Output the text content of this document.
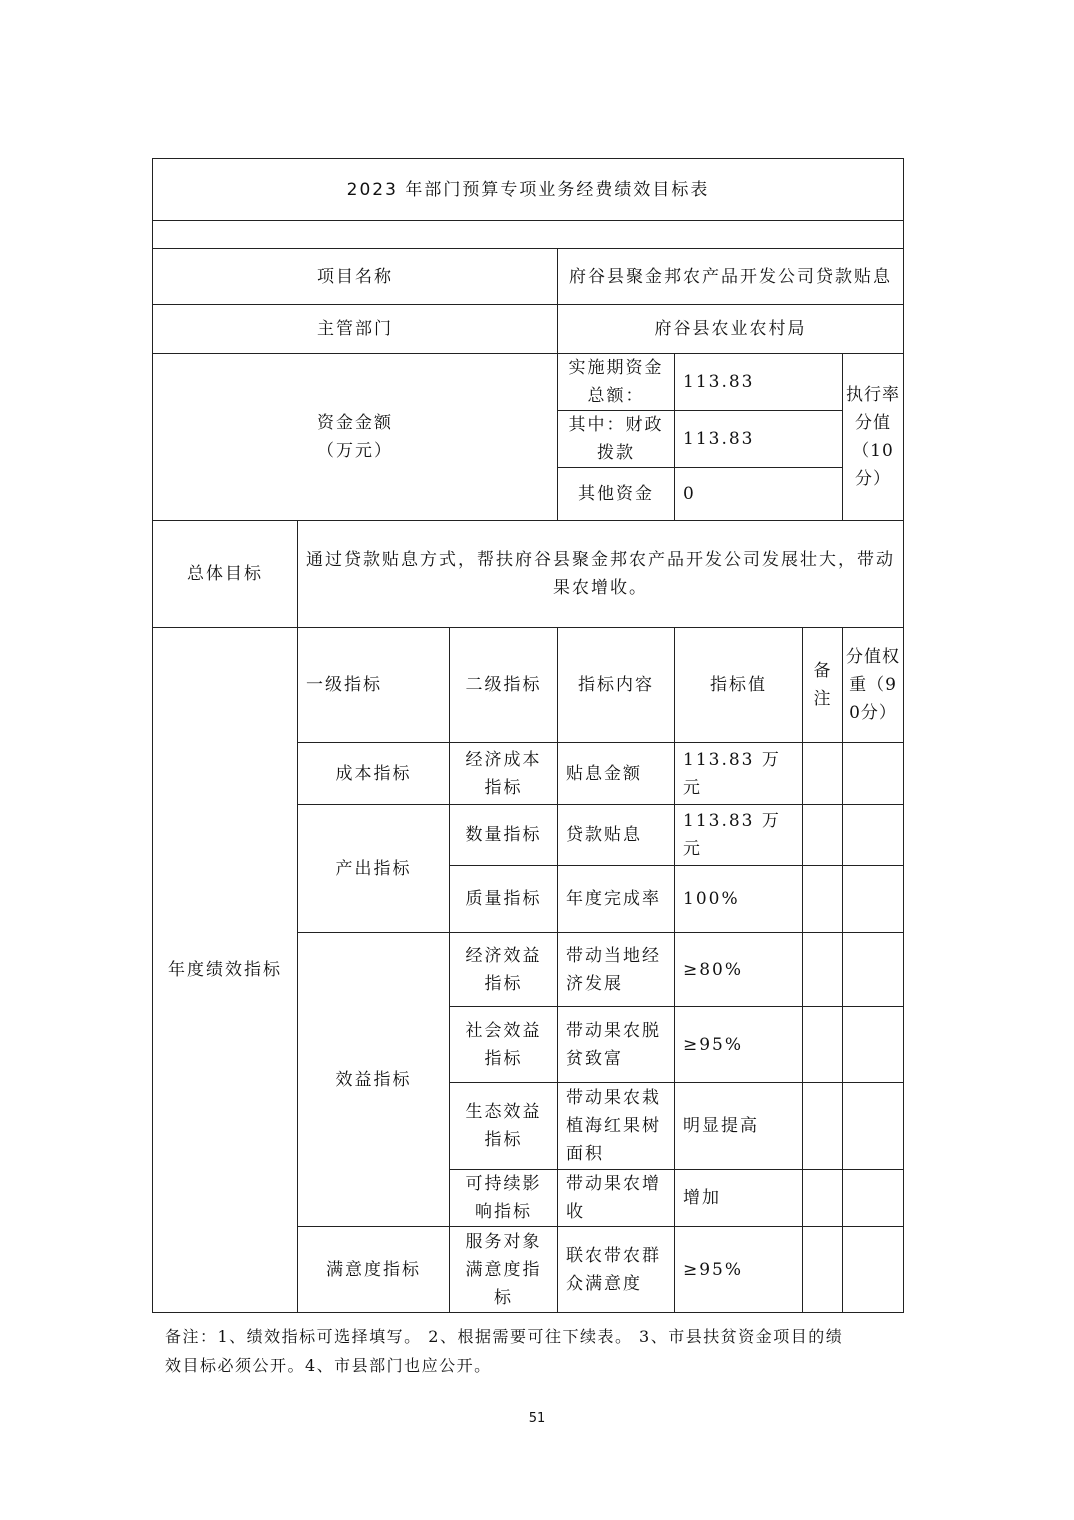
2023 年部门预算专项业务经费绩效目标表						

项目名称			府谷县聚金邦农产品开发公司贷款贴息			
主管部门			府谷县农业农村局			

资金金额
（万元）			实施期资金总额：	113.83		执行率分值（10分）
			其中：财政拨款	113.83		
			其他资金	0		
总体目标	通过贷款贴息方式，帮扶府谷县聚金邦农产品开发公司发展壮大，带动果农增收。					
年度绩效指标	一级指标	二级指标	指标内容	指标值	备注	分值权重（90分）
	成本指标	经济成本指标	贴息金额	113.83 万元		
	产出指标	数量指标	贷款贴息	113.83 万元		
		质量指标	年度完成率	100%		
	效益指标	经济效益指标	带动当地经济发展	≥80%		
		社会效益指标	带动果农脱贫致富	≥95%		
		生态效益指标	带动果农栽植海红果树面积	明显提高		
		可持续影响指标	带动果农增收	增加		
	满意度指标	服务对象满意度指标	联农带农群众满意度	≥95%		
备注：1、绩效指标可选择填写。 2、根据需要可往下续表。 3、市县扶贫资金项目的绩效目标必须公开。4、市县部门也应公开。
51
